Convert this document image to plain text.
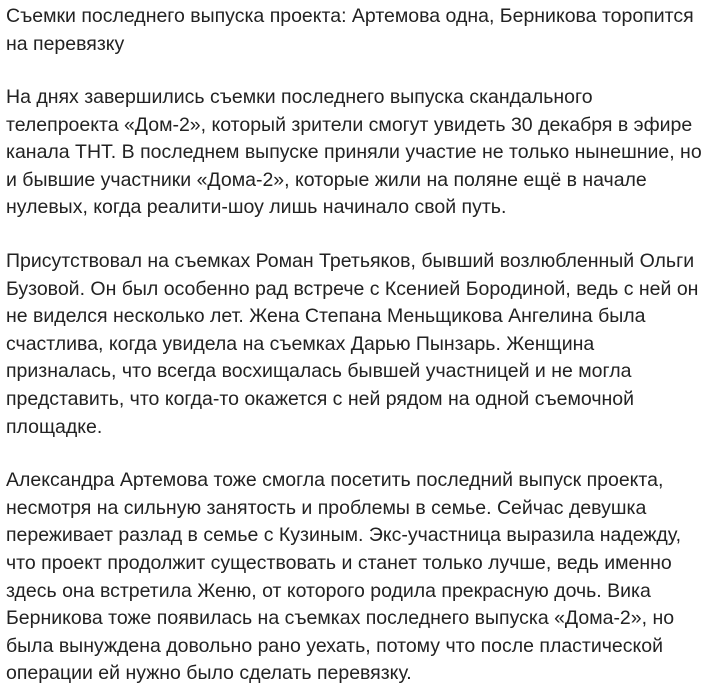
Съемки последнего выпуска проекта: Артемова одна, Берникова торопится на перевязку

На днях завершились съемки последнего выпуска скандального телепроекта «Дом-2», который зрители смогут увидеть 30 декабря в эфире канала ТНТ. В последнем выпуске приняли участие не только нынешние, но и бывшие участники «Дома-2», которые жили на поляне ещё в начале нулевых, когда реалити-шоу лишь начинало свой путь.

Присутствовал на съемках Роман Третьяков, бывший возлюбленный Ольги Бузовой. Он был особенно рад встрече с Ксенией Бородиной, ведь с ней он не виделся несколько лет. Жена Степана Меньщикова Ангелина была счастлива, когда увидела на съемках Дарью Пынзарь. Женщина призналась, что всегда восхищалась бывшей участницей и не могла представить, что когда-то окажется с ней рядом на одной съемочной площадке.

Александра Артемова тоже смогла посетить последний выпуск проекта, несмотря на сильную занятость и проблемы в семье. Сейчас девушка переживает разлад в семье с Кузиным. Экс-участница выразила надежду, что проект продолжит существовать и станет только лучше, ведь именно здесь она встретила Женю, от которого родила прекрасную дочь. Вика Берникова тоже появилась на съемках последнего выпуска «Дома-2», но была вынуждена довольно рано уехать, потому что после пластической операции ей нужно было сделать перевязку.
